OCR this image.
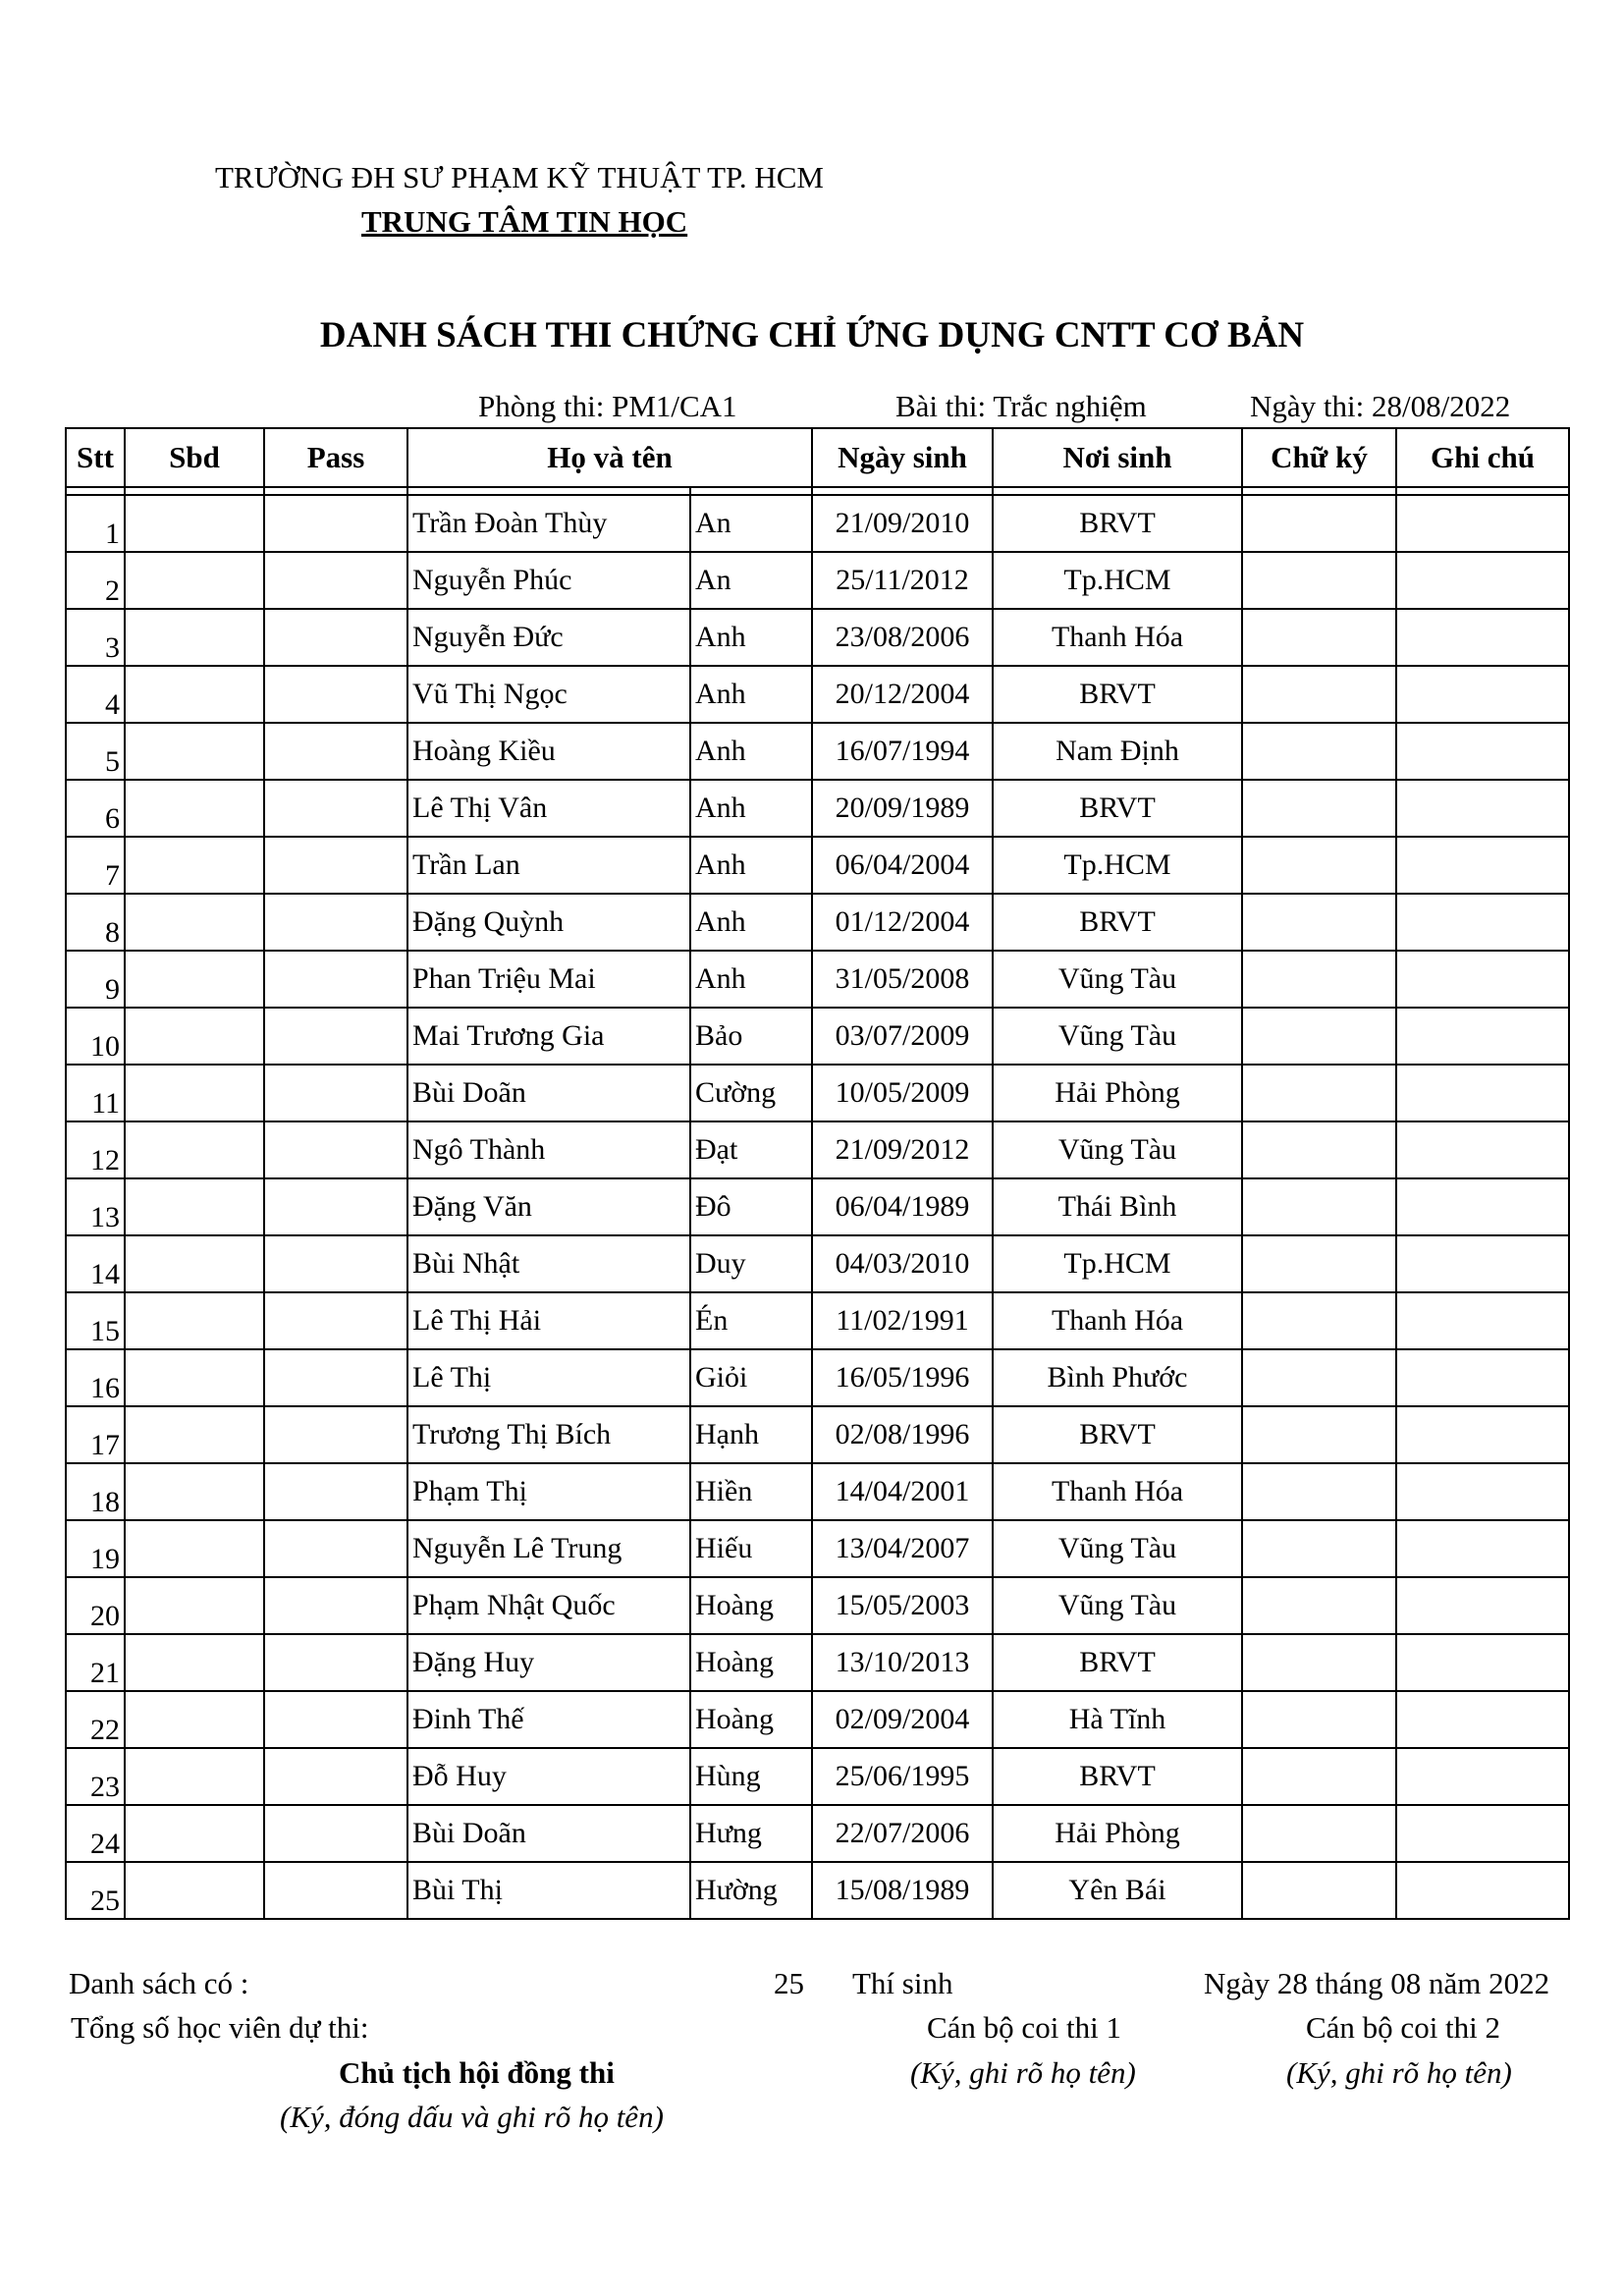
TRƯỜNG ĐH SƯ PHẠM KỸ THUẬT TP. HCM
TRUNG TÂM TIN HỌC
DANH SÁCH THI CHỨNG CHỈ ỨNG DỤNG CNTT CƠ BẢN
Phòng thi: PM1/CA1	Bài thi: Trắc nghiệm	Ngày thi: 28/08/2022
Stt	Sbd	Pass	Họ và tên		Ngày sinh	Nơi sinh	Chữ ký	Ghi chú

1			Trần Đoàn Thùy	An	21/09/2010	BRVT		
2			Nguyễn Phúc	An	25/11/2012	Tp.HCM		
3			Nguyễn Đức	Anh	23/08/2006	Thanh Hóa		
4			Vũ Thị Ngọc	Anh	20/12/2004	BRVT		
5			Hoàng Kiều	Anh	16/07/1994	Nam Định		
6			Lê Thị Vân	Anh	20/09/1989	BRVT		
7			Trần Lan	Anh	06/04/2004	Tp.HCM		
8			Đặng Quỳnh	Anh	01/12/2004	BRVT		
9			Phan Triệu Mai	Anh	31/05/2008	Vũng Tàu		
10			Mai Trương Gia	Bảo	03/07/2009	Vũng Tàu		
11			Bùi Doãn	Cường	10/05/2009	Hải Phòng		
12			Ngô Thành	Đạt	21/09/2012	Vũng Tàu		
13			Đặng Văn	Đô	06/04/1989	Thái Bình		
14			Bùi Nhật	Duy	04/03/2010	Tp.HCM		
15			Lê Thị Hải	Én	11/02/1991	Thanh Hóa		
16			Lê Thị	Giỏi	16/05/1996	Bình Phước		
17			Trương Thị Bích	Hạnh	02/08/1996	BRVT		
18			Phạm Thị	Hiền	14/04/2001	Thanh Hóa		
19			Nguyễn Lê Trung	Hiếu	13/04/2007	Vũng Tàu		
20			Phạm Nhật Quốc	Hoàng	15/05/2003	Vũng Tàu		
21			Đặng Huy	Hoàng	13/10/2013	BRVT		
22			Đinh Thế	Hoàng	02/09/2004	Hà Tĩnh		
23			Đỗ Huy	Hùng	25/06/1995	BRVT		
24			Bùi Doãn	Hưng	22/07/2006	Hải Phòng		
25			Bùi Thị	Hường	15/08/1989	Yên Bái		
Danh sách có :	25 Thí sinh	Ngày 28 tháng 08 năm 2022
Tổng số học viên dự thi:	Cán bộ coi thi 1	Cán bộ coi thi 2
Chủ tịch hội đồng thi	(Ký, ghi rõ họ tên)	(Ký, ghi rõ họ tên)
(Ký, đóng dấu và ghi rõ họ tên)
